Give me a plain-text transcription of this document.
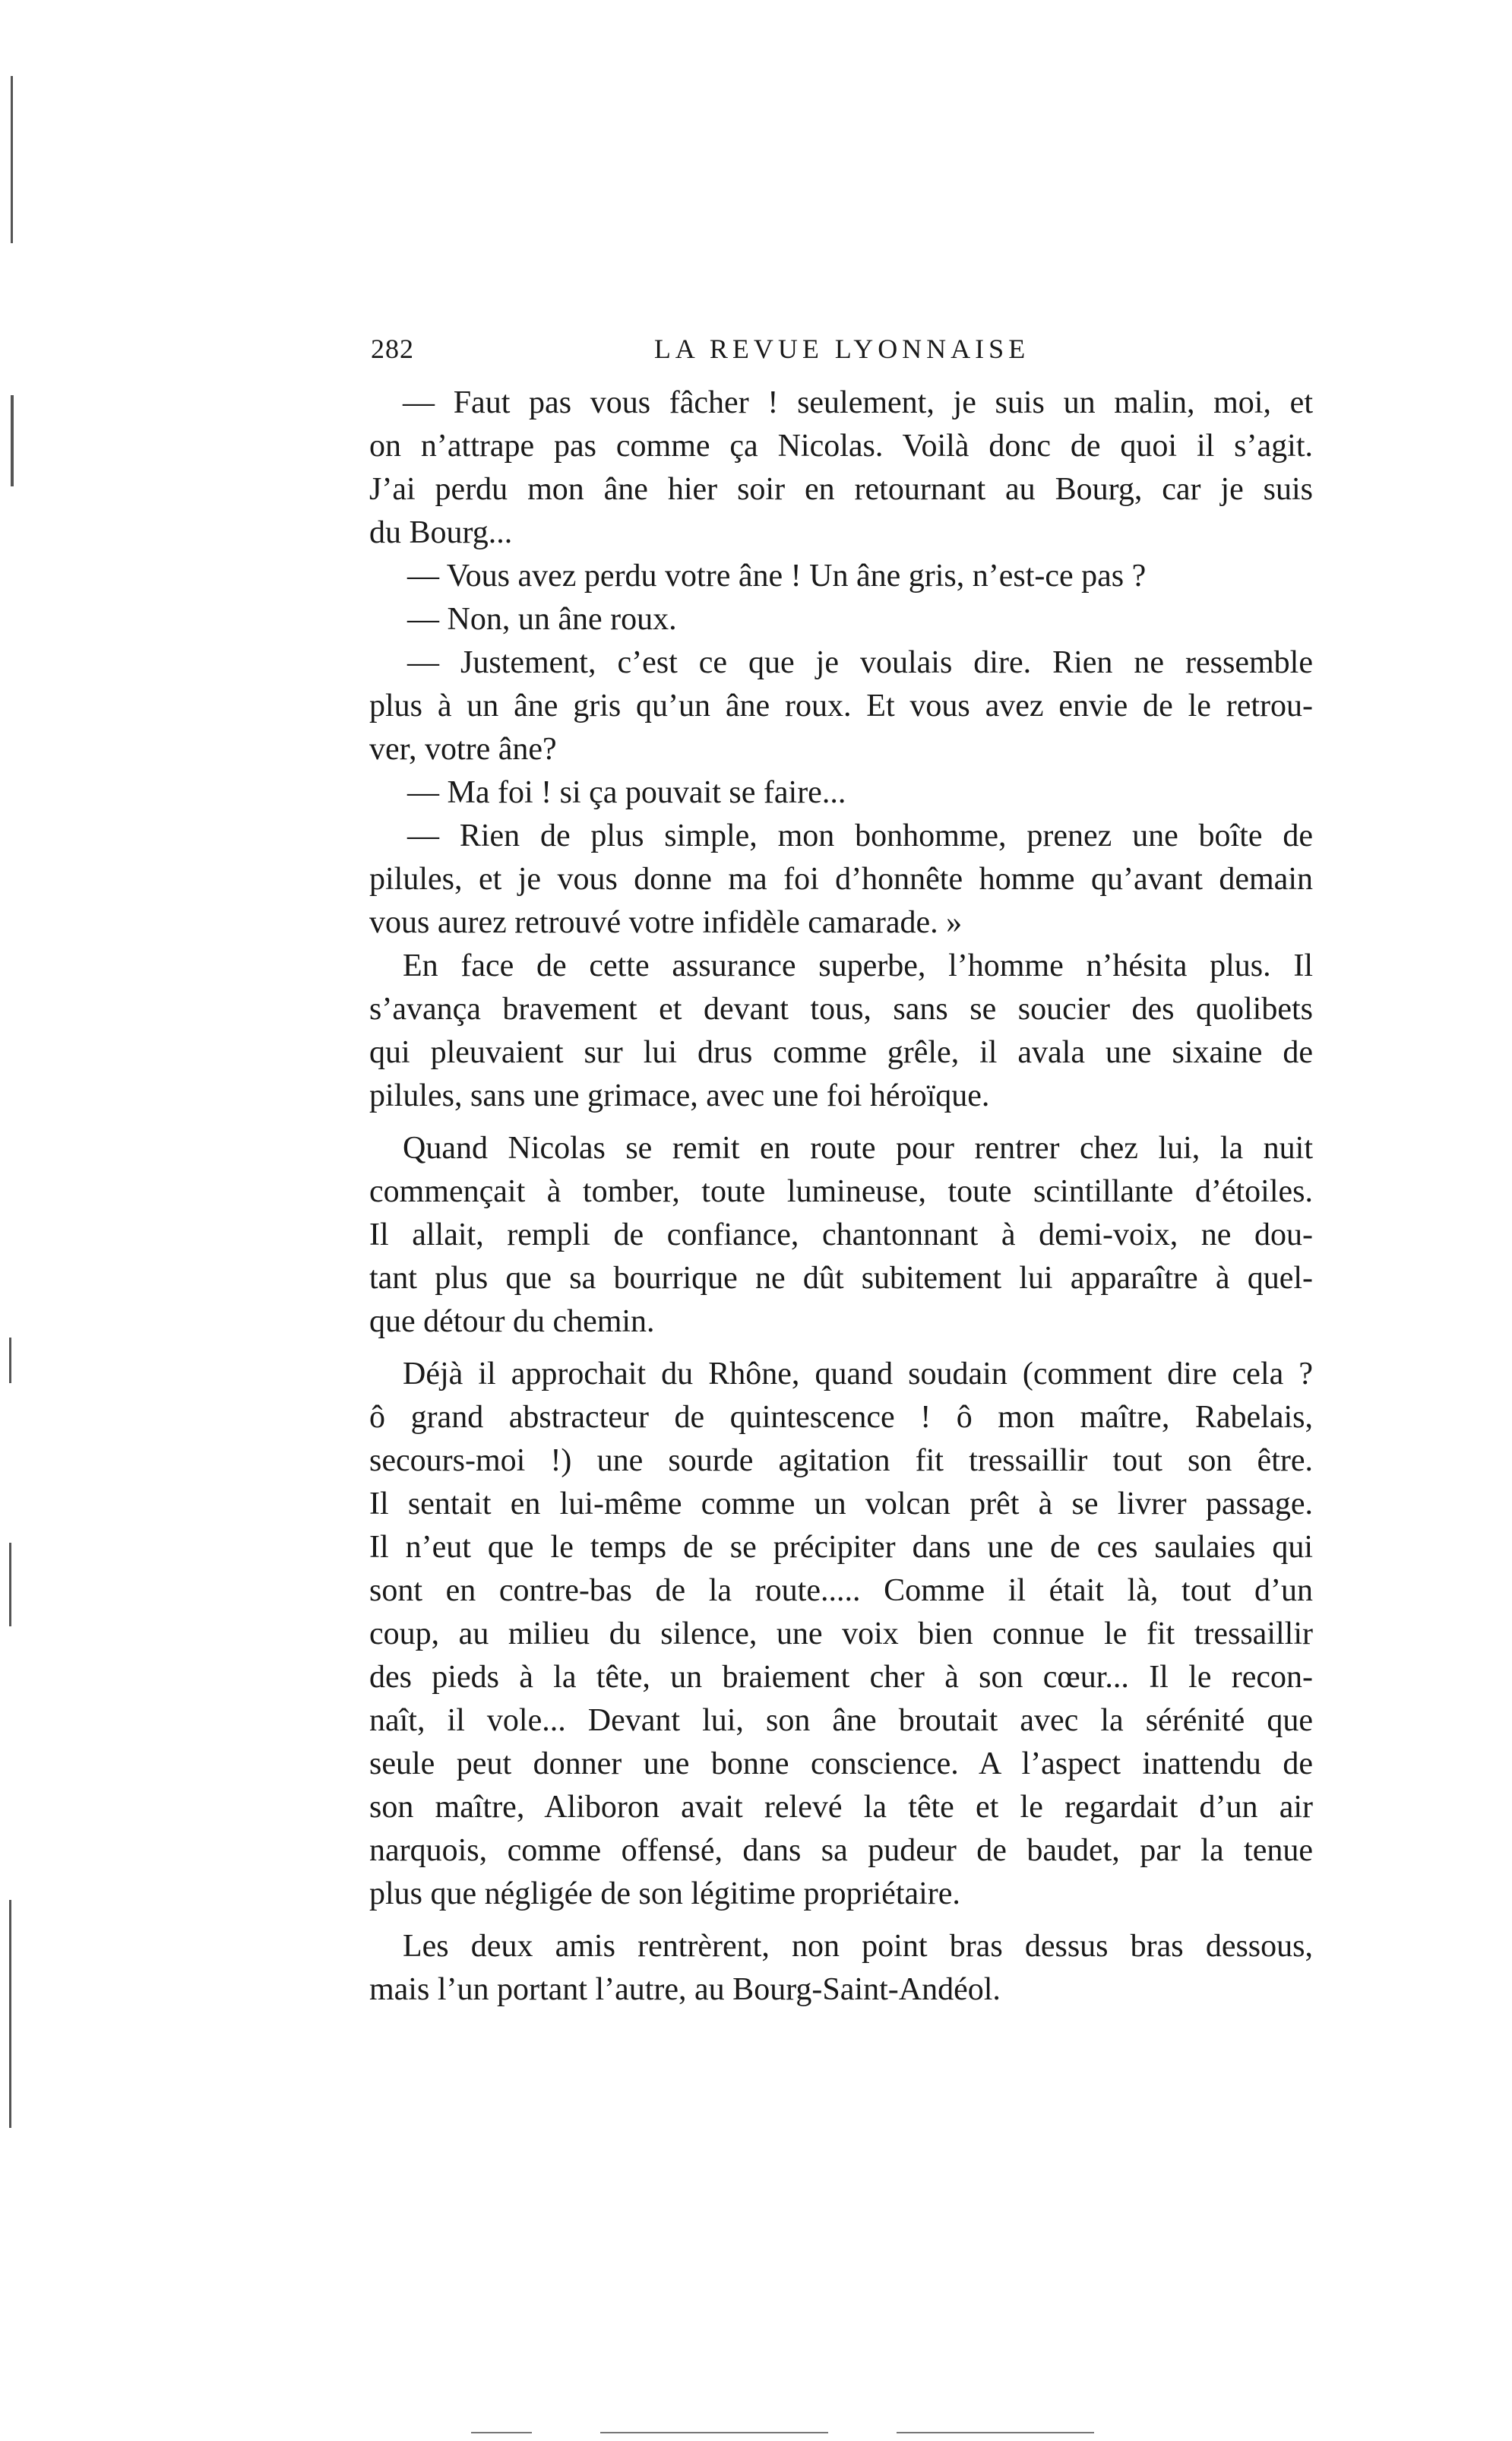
282	LA REVUE LYONNAISE
— Faut pas vous fâcher ! seulement, je suis un malin, moi, et
on n’attrape pas comme ça Nicolas. Voilà donc de quoi il s’agit.
J’ai perdu mon âne hier soir en retournant au Bourg, car je suis
du Bourg...
— Vous avez perdu votre âne ! Un âne gris, n’est-ce pas ?
— Non, un âne roux.
— Justement, c’est ce que je voulais dire. Rien ne ressemble
plus à un âne gris qu’un âne roux. Et vous avez envie de le retrou-
ver, votre âne?
— Ma foi ! si ça pouvait se faire...
— Rien de plus simple, mon bonhomme, prenez une boîte de
pilules, et je vous donne ma foi d’honnête homme qu’avant demain
vous aurez retrouvé votre infidèle camarade. »
En face de cette assurance superbe, l’homme n’hésita plus. Il
s’avança bravement et devant tous, sans se soucier des quolibets
qui pleuvaient sur lui drus comme grêle, il avala une sixaine de
pilules, sans une grimace, avec une foi héroïque.
Quand Nicolas se remit en route pour rentrer chez lui, la nuit
commençait à tomber, toute lumineuse, toute scintillante d’étoiles.
Il allait, rempli de confiance, chantonnant à demi-voix, ne dou-
tant plus que sa bourrique ne dût subitement lui apparaître à quel-
que détour du chemin.
Déjà il approchait du Rhône, quand soudain (comment dire cela ?
ô grand abstracteur de quintescence ! ô mon maître, Rabelais,
secours-moi !) une sourde agitation fit tressaillir tout son être.
Il sentait en lui-même comme un volcan prêt à se livrer passage.
Il n’eut que le temps de se précipiter dans une de ces saulaies qui
sont en contre-bas de la route..... Comme il était là, tout d’un
coup, au milieu du silence, une voix bien connue le fit tressaillir
des pieds à la tête, un braiement cher à son cœur... Il le recon-
naît, il vole... Devant lui, son âne broutait avec la sérénité que
seule peut donner une bonne conscience. A l’aspect inattendu de
son maître, Aliboron avait relevé la tête et le regardait d’un air
narquois, comme offensé, dans sa pudeur de baudet, par la tenue
plus que négligée de son légitime propriétaire.
Les deux amis rentrèrent, non point bras dessus bras dessous,
mais l’un portant l’autre, au Bourg-Saint-Andéol.
